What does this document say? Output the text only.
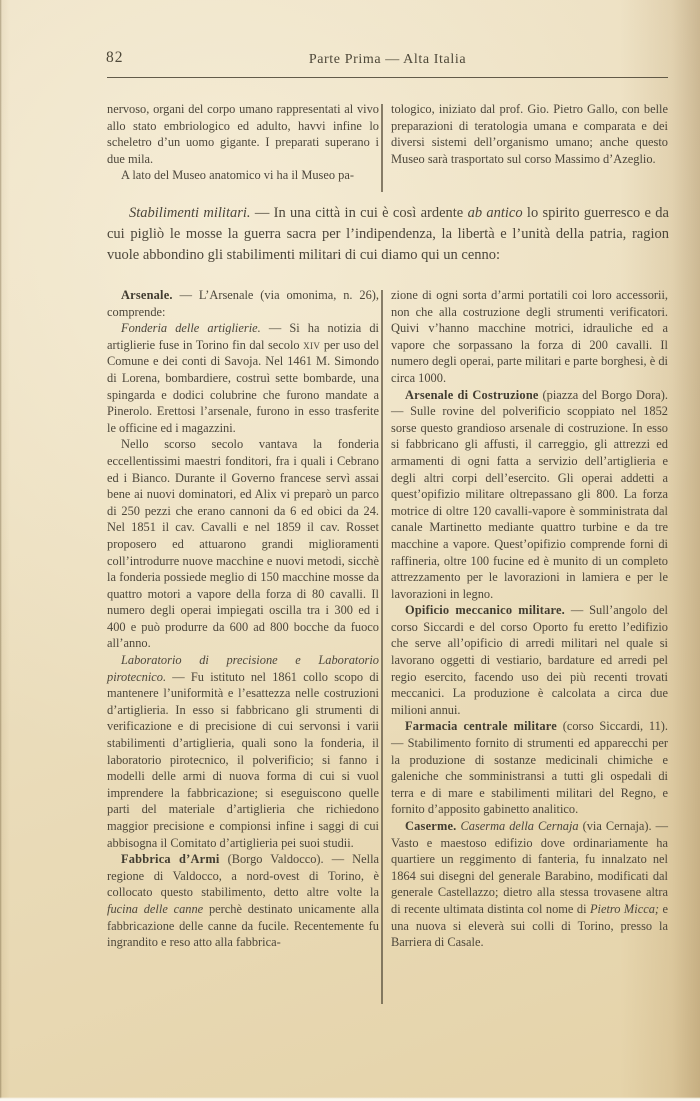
82	Parte Prima — Alta Italia

nervoso, organi del corpo umano rappresentati al vivo allo stato embriologico ed adulto, havvi infine lo scheletro d’un uomo gigante. I preparati superano i due mila.

A lato del Museo anatomico vi ha il Museo pa-

tologico, iniziato dal prof. Gio. Pietro Gallo, con belle preparazioni di teratologia umana e comparata e dei diversi sistemi dell’organismo umano; anche questo Museo sarà trasportato sul corso Massimo d’Azeglio.

Stabilimenti militari. — In una città in cui è così ardente ab antico lo spirito guerresco e da cui pigliò le mosse la guerra sacra per l’indipendenza, la libertà e l’unità della patria, ragion vuole abbondino gli stabilimenti militari di cui diamo qui un cenno:

Arsenale. — L’Arsenale (via omonima, n. 26), comprende:

Fonderia delle artiglierie. — Si ha notizia di artiglierie fuse in Torino fin dal secolo xiv per uso del Comune e dei conti di Savoja. Nel 1461 M. Simondo di Lorena, bombardiere, costruì sette bombarde, una spingarda e dodici colubrine che furono mandate a Pinerolo. Erettosi l’arsenale, furono in esso trasferite le officine ed i magazzini.

Nello scorso secolo vantava la fonderia eccellentissimi maestri fonditori, fra i quali i Cebrano ed i Bianco. Durante il Governo francese servì assai bene ai nuovi dominatori, ed Alix vi preparò un parco di 250 pezzi che erano cannoni da 6 ed obici da 24. Nel 1851 il cav. Cavalli e nel 1859 il cav. Rosset proposero ed attuarono grandi miglioramenti coll’introdurre nuove macchine e nuovi metodi, sicchè la fonderia possiede meglio di 150 macchine mosse da quattro motori a vapore della forza di 80 cavalli. Il numero degli operai impiegati oscilla tra i 300 ed i 400 e può produrre da 600 ad 800 bocche da fuoco all’anno.

Laboratorio di precisione e Laboratorio pirotecnico. — Fu istituto nel 1861 collo scopo di mantenere l’uniformità e l’esattezza nelle costruzioni d’artiglieria. In esso si fabbricano gli strumenti di verificazione e di precisione di cui servonsi i varii stabilimenti d’artiglieria, quali sono la fonderia, il laboratorio pirotecnico, il polverificio; si fanno i modelli delle armi di nuova forma di cui si vuol imprendere la fabbricazione; si eseguiscono quelle parti del materiale d’artiglieria che richiedono maggior precisione e compionsi infine i saggi di cui abbisogna il Comitato d’artiglieria pei suoi studii.

Fabbrica d’Armi (Borgo Valdocco). — Nella regione di Valdocco, a nord-ovest di Torino, è collocato questo stabilimento, detto altre volte la fucina delle canne perchè destinato unicamente alla fabbricazione delle canne da fucile. Recentemente fu ingrandito e reso atto alla fabbrica-

zione di ogni sorta d’armi portatili coi loro accessorii, non che alla costruzione degli strumenti verificatori. Quivi v’hanno macchine motrici, idrauliche ed a vapore che sorpassano la forza di 200 cavalli. Il numero degli operai, parte militari e parte borghesi, è di circa 1000.

Arsenale di Costruzione (piazza del Borgo Dora). — Sulle rovine del polverificio scoppiato nel 1852 sorse questo grandioso arsenale di costruzione. In esso si fabbricano gli affusti, il carreggio, gli attrezzi ed armamenti di ogni fatta a servizio dell’artiglieria e degli altri corpi dell’esercito. Gli operai addetti a quest’opifizio militare oltrepassano gli 800. La forza motrice di oltre 120 cavalli-vapore è somministrata dal canale Martinetto mediante quattro turbine e da tre macchine a vapore. Quest’opifizio comprende forni di raffineria, oltre 100 fucine ed è munito di un completo attrezzamento per le lavorazioni in lamiera e per le lavorazioni in legno.

Opificio meccanico militare. — Sull’angolo del corso Siccardi e del corso Oporto fu eretto l’edifizio che serve all’opificio di arredi militari nel quale si lavorano oggetti di vestiario, bardature ed arredi pel regio esercito, facendo uso dei più recenti trovati meccanici. La produzione è calcolata a circa due milioni annui.

Farmacia centrale militare (corso Siccardi, 11). — Stabilimento fornito di strumenti ed apparecchi per la produzione di sostanze medicinali chimiche e galeniche che somministransi a tutti gli ospedali di terra e di mare e stabilimenti militari del Regno, e fornito d’apposito gabinetto analitico.

Caserme. Caserma della Cernaja (via Cernaja). — Vasto e maestoso edifizio dove ordinariamente ha quartiere un reggimento di fanteria, fu innalzato nel 1864 sui disegni del generale Barabino, modificati dal generale Castellazzo; dietro alla stessa trovasene altra di recente ultimata distinta col nome di Pietro Micca; e una nuova si eleverà sui colli di Torino, presso la Barriera di Casale.
